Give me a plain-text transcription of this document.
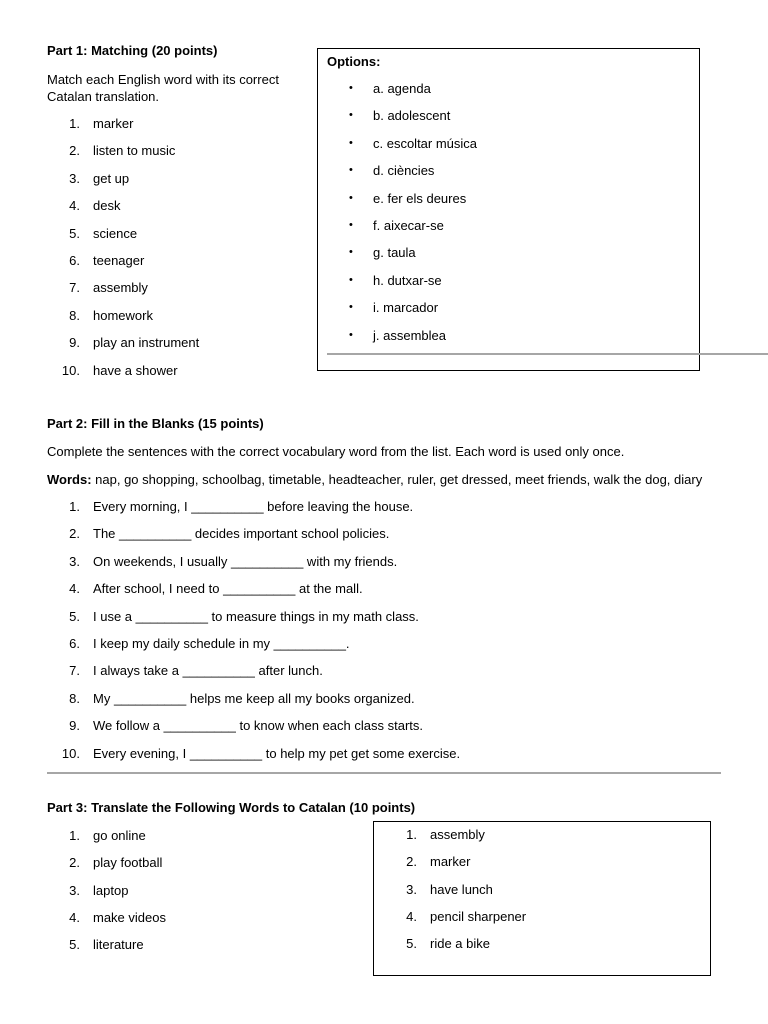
Part 1: Matching (20 points)
Match each English word with its correct Catalan translation.
1. marker
2. listen to music
3. get up
4. desk
5. science
6. teenager
7. assembly
8. homework
9. play an instrument
10. have a shower
Options:
• a. agenda
• b. adolescent
• c. escoltar música
• d. ciències
• e. fer els deures
• f. aixecar-se
• g. taula
• h. dutxar-se
• i. marcador
• j. assemblea
Part 2: Fill in the Blanks (15 points)
Complete the sentences with the correct vocabulary word from the list. Each word is used only once.
Words: nap, go shopping, schoolbag, timetable, headteacher, ruler, get dressed, meet friends, walk the dog, diary
1. Every morning, I __________ before leaving the house.
2. The __________ decides important school policies.
3. On weekends, I usually __________ with my friends.
4. After school, I need to __________ at the mall.
5. I use a __________ to measure things in my math class.
6. I keep my daily schedule in my __________.
7. I always take a __________ after lunch.
8. My __________ helps me keep all my books organized.
9. We follow a __________ to know when each class starts.
10. Every evening, I __________ to help my pet get some exercise.
Part 3: Translate the Following Words to Catalan (10 points)
1. go online
2. play football
3. laptop
4. make videos
5. literature
1. assembly
2. marker
3. have lunch
4. pencil sharpener
5. ride a bike
